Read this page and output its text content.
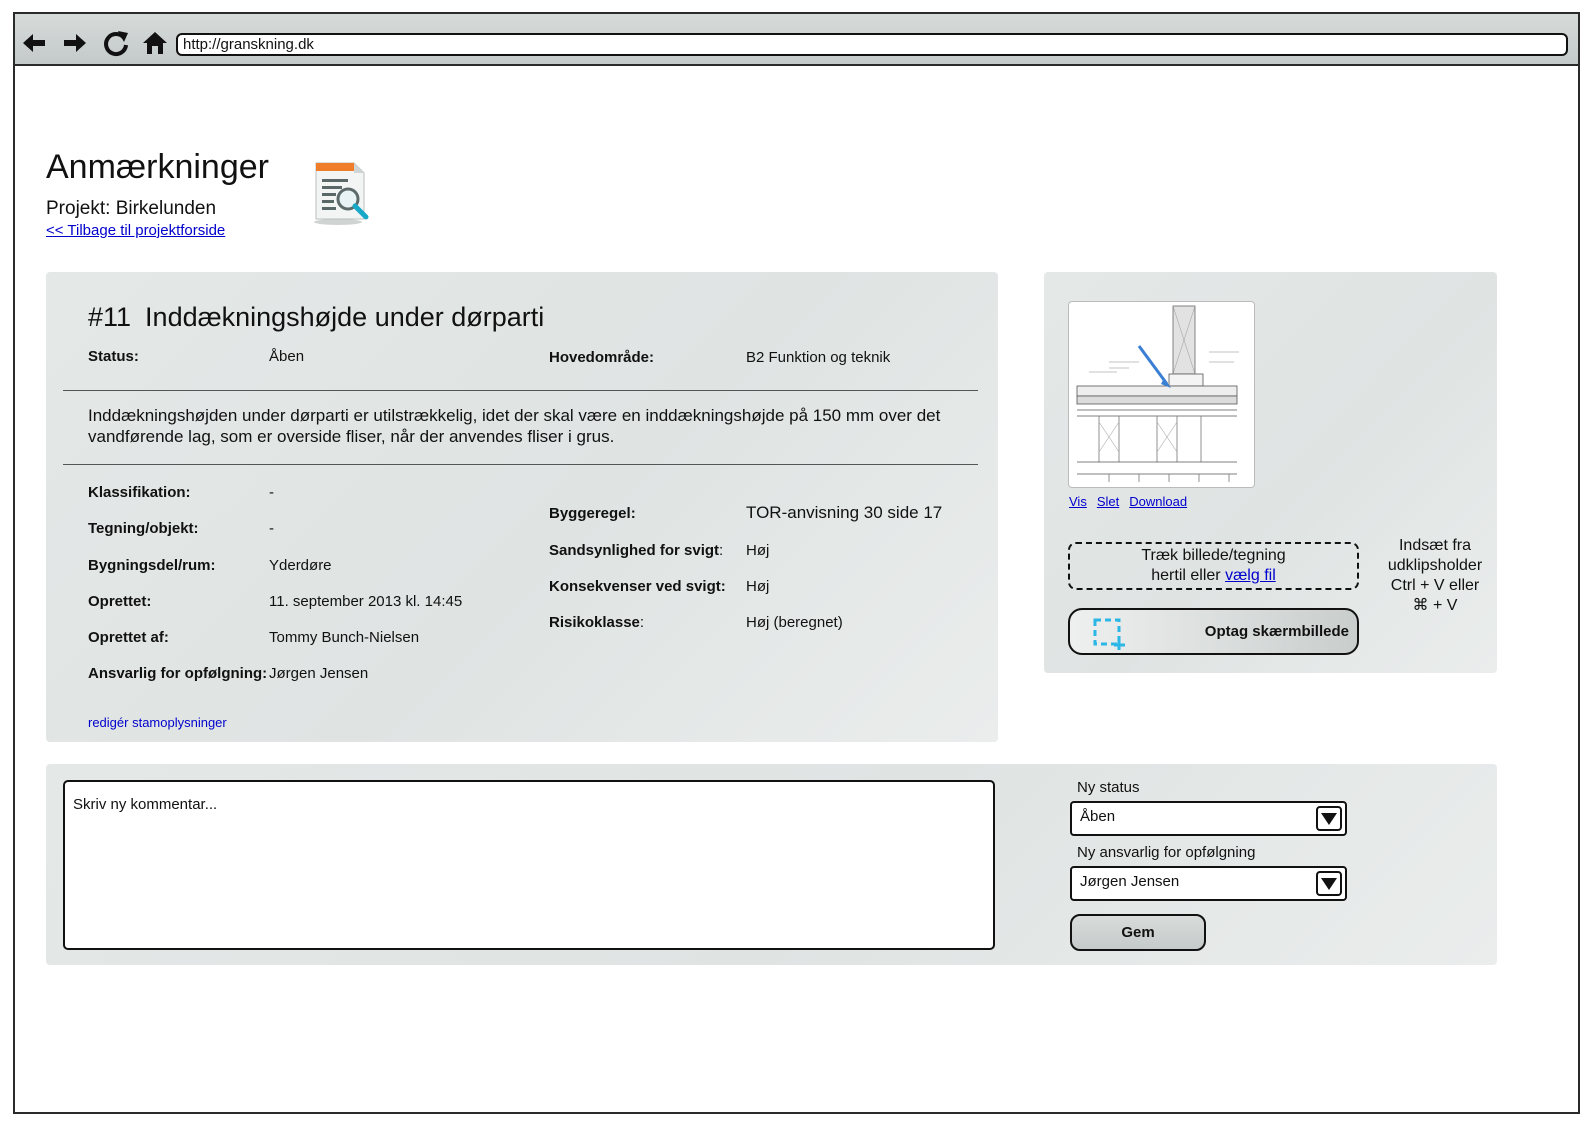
http://granskning.dk
Anmærkninger
Projekt: Birkelunden
<< Tilbage til projektforside
#11 Inddækningshøjde under dørparti
Status:	Åben	Hovedområde:	B2 Funktion og teknik
Inddækningshøjden under dørparti er utilstrækkelig, idet der skal være en inddækningshøjde på 150 mm over det vandførende lag, som er overside fliser, når der anvendes fliser i grus.
Klassifikation:	-
Tegning/objekt:	-
Bygningsdel/rum:	Yderdøre
Oprettet:	11. september 2013 kl. 14:45
Oprettet af:	Tommy Bunch-Nielsen
Ansvarlig for opfølgning: Jørgen Jensen
Byggeregel:	TOR-anvisning 30 side 17
Sandsynlighed for svigt: Høj
Konsekvenser ved svigt: Høj
Risikoklasse:	Høj (beregnet)
redigér stamoplysninger
Vis Slet Download
Træk billede/tegning
hertil eller vælg fil
Optag skærmbillede
Indsæt fra
udklipsholder
Ctrl + V eller
⌘ + V
Skriv ny kommentar...
Ny status
Åben
Ny ansvarlig for opfølgning
Jørgen Jensen
Gem
